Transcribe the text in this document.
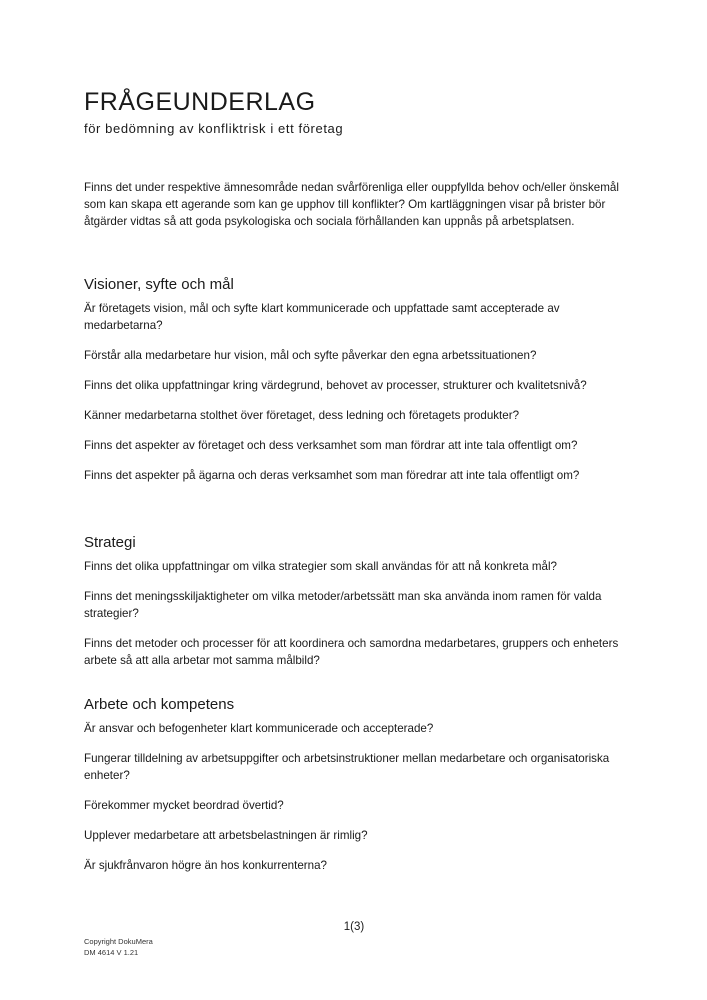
FRÅGEUNDERLAG
för bedömning av konfliktrisk i ett företag

Finns det under respektive ämnesområde nedan svårförenliga eller ouppfyllda behov och/eller önskemål som kan skapa ett agerande som kan ge upphov till konflikter? Om kartläggningen visar på brister bör åtgärder vidtas så att goda psykologiska och sociala förhållanden kan uppnås på arbetsplatsen.

Visioner, syfte och mål

Är företagets vision, mål och syfte klart kommunicerade och uppfattade samt accepterade av medarbetarna?

Förstår alla medarbetare hur vision, mål och syfte påverkar den egna arbetssituationen?

Finns det olika uppfattningar kring värdegrund, behovet av processer, strukturer och kvalitetsnivå?

Känner medarbetarna stolthet över företaget, dess ledning och företagets produkter?

Finns det aspekter av företaget och dess verksamhet som man fördrar att inte tala offentligt om?

Finns det aspekter på ägarna och deras verksamhet som man föredrar att inte tala offentligt om?

Strategi

Finns det olika uppfattningar om vilka strategier som skall användas för att nå konkreta mål?

Finns det meningsskiljaktigheter om vilka metoder/arbetssätt man ska använda inom ramen för valda strategier?

Finns det metoder och processer för att koordinera och samordna medarbetares, gruppers och enheters arbete så att alla arbetar mot samma målbild?

Arbete och kompetens

Är ansvar och befogenheter klart kommunicerade och accepterade?

Fungerar tilldelning av arbetsuppgifter och arbetsinstruktioner mellan medarbetare och organisatoriska enheter?

Förekommer mycket beordrad övertid?

Upplever medarbetare att arbetsbelastningen är rimlig?

Är sjukfrånvaron högre än hos konkurrenterna?

1(3)
Copyright DokuMera
DM 4614 V 1.21
